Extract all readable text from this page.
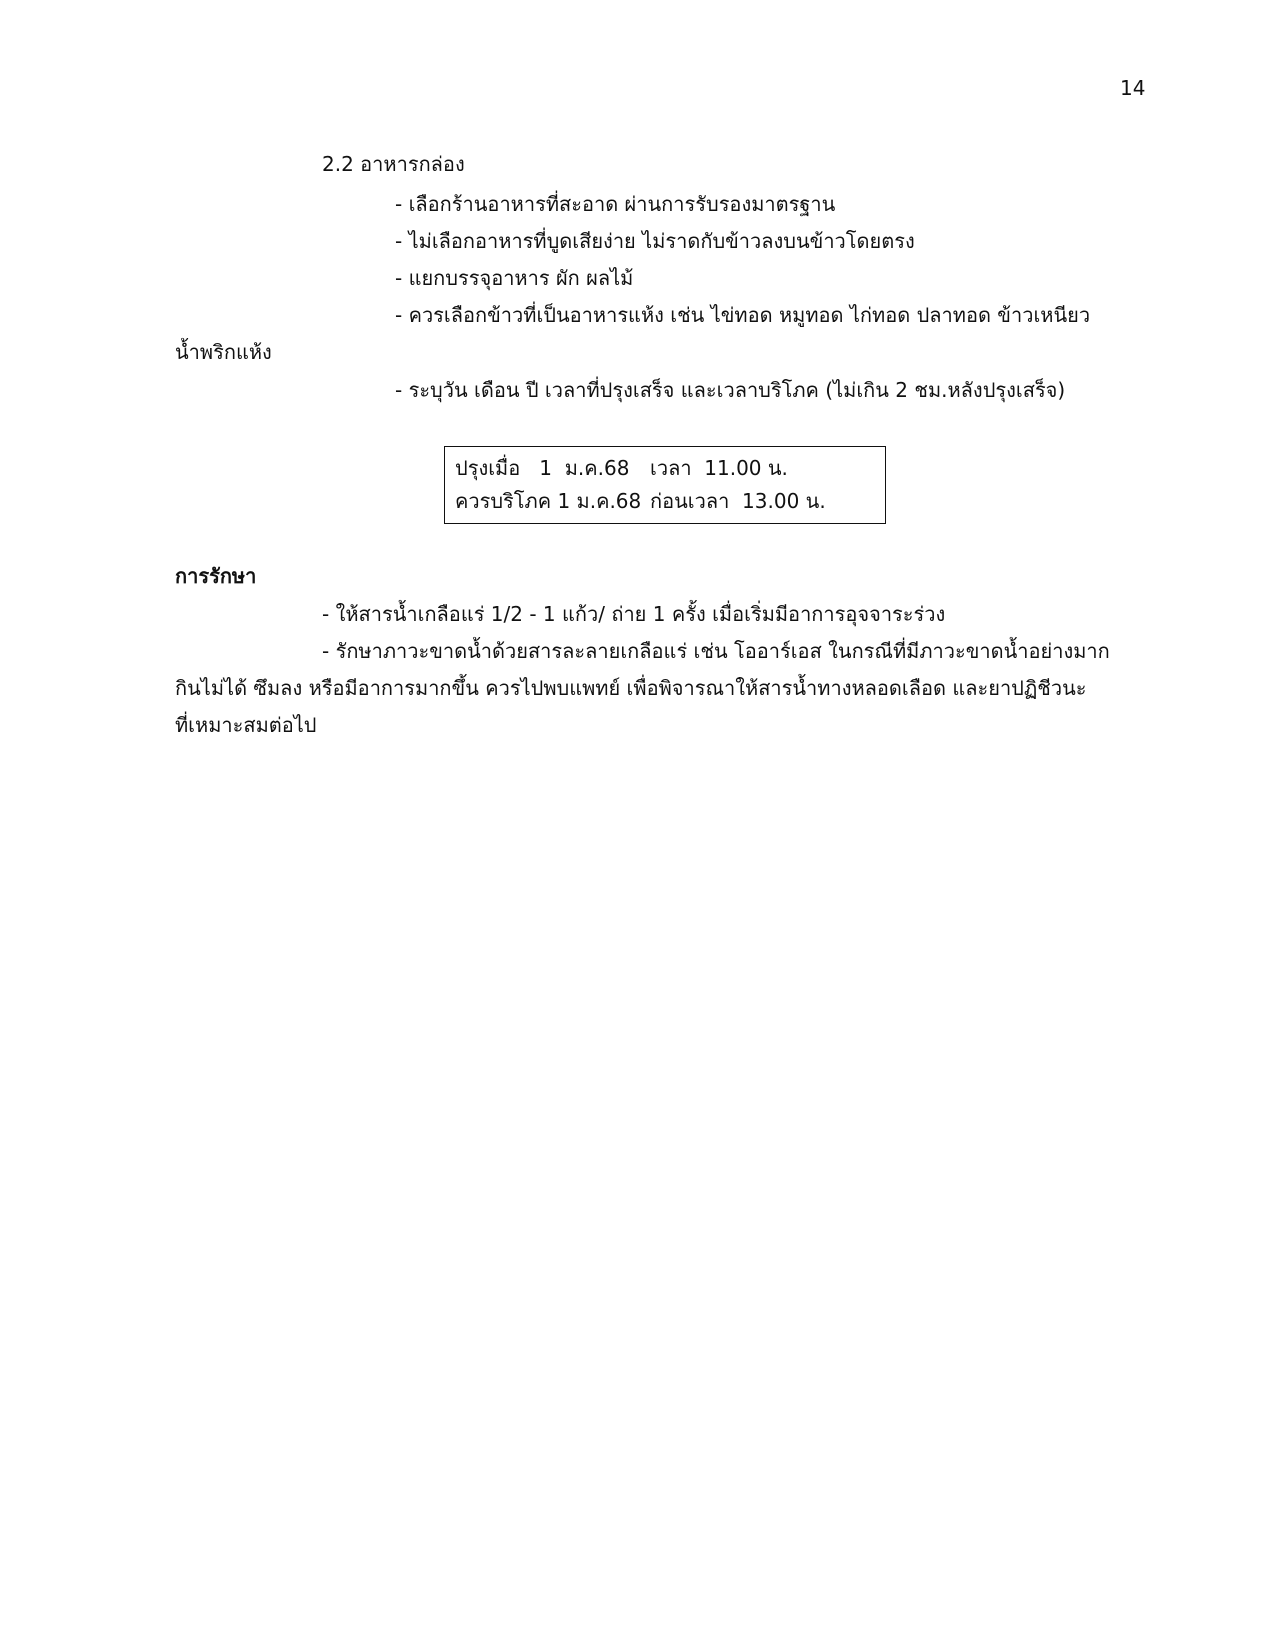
14
2.2 อาหารกล่อง
- เลือกร้านอาหารที่สะอาด ผ่านการรับรองมาตรฐาน
- ไม่เลือกอาหารที่บูดเสียง่าย ไม่ราดกับข้าวลงบนข้าวโดยตรง
- แยกบรรจุอาหาร ผัก ผลไม้
- ควรเลือกข้าวที่เป็นอาหารแห้ง เช่น ไข่ทอด หมูทอด ไก่ทอด ปลาทอด ข้าวเหนียว
น้ำพริกแห้ง
- ระบุวัน เดือน ปี เวลาที่ปรุงเสร็จ และเวลาบริโภค (ไม่เกิน 2 ชม.หลังปรุงเสร็จ)
ปรุงเมื่อ   1  ม.ค.68 เวลา  11.00 น.
ควรบริโภค 1 ม.ค.68 ก่อนเวลา  13.00 น.
การรักษา
- ให้สารน้ำเกลือแร่ 1/2 - 1 แก้ว/ ถ่าย 1 ครั้ง เมื่อเริ่มมีอาการอุจจาระร่วง
- รักษาภาวะขาดน้ำด้วยสารละลายเกลือแร่ เช่น โออาร์เอส ในกรณีที่มีภาวะขาดน้ำอย่างมาก
กินไม่ได้ ซึมลง หรือมีอาการมากขึ้น ควรไปพบแพทย์ เพื่อพิจารณาให้สารน้ำทางหลอดเลือด และยาปฏิชีวนะ
ที่เหมาะสมต่อไป
